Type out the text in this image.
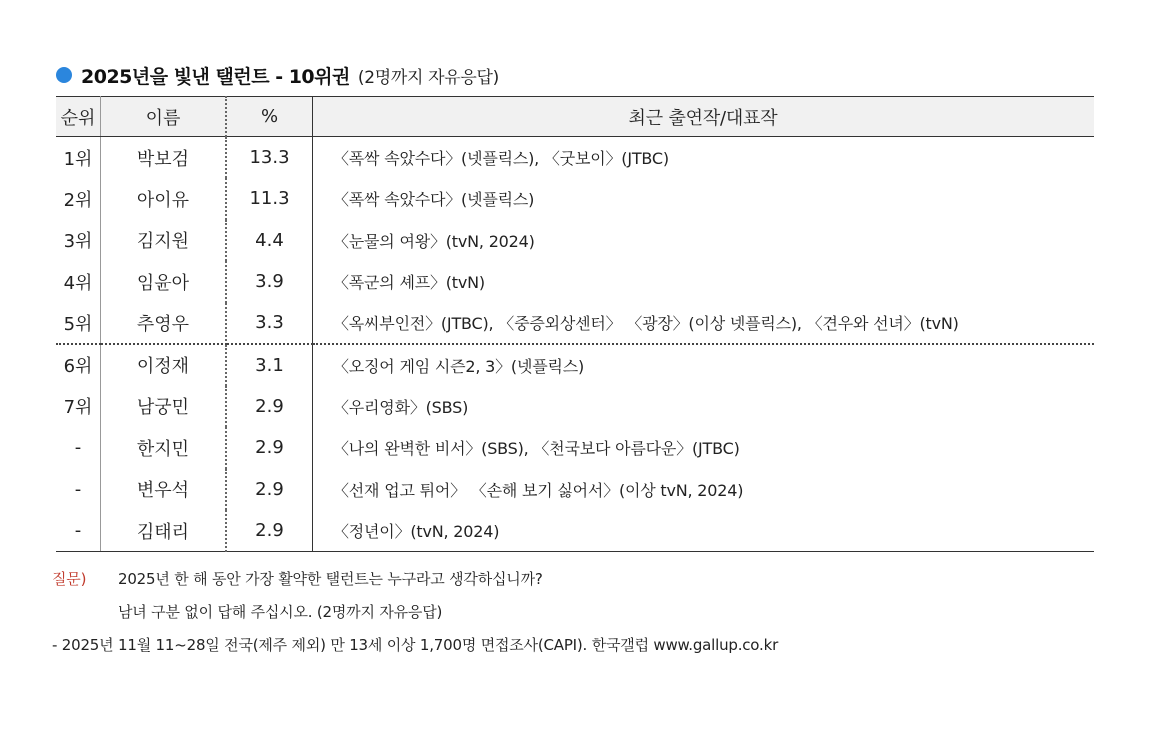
2025년을 빛낸 탤런트 - 10위권 (2명까지 자유응답)
순위	이름	%	최근 출연작/대표작
1위	박보검	13.3	〈폭싹 속았수다〉(넷플릭스), 〈굿보이〉(JTBC)
2위	아이유	11.3	〈폭싹 속았수다〉(넷플릭스)
3위	김지원	4.4	〈눈물의 여왕〉(tvN, 2024)
4위	임윤아	3.9	〈폭군의 셰프〉(tvN)
5위	추영우	3.3	〈옥씨부인전〉(JTBC), 〈중증외상센터〉 〈광장〉(이상 넷플릭스), 〈견우와 선녀〉(tvN)
6위	이정재	3.1	〈오징어 게임 시즌2, 3〉(넷플릭스)
7위	남궁민	2.9	〈우리영화〉(SBS)
-	한지민	2.9	〈나의 완벽한 비서〉(SBS), 〈천국보다 아름다운〉(JTBC)
-	변우석	2.9	〈선재 업고 튀어〉 〈손해 보기 싫어서〉(이상 tvN, 2024)
-	김태리	2.9	〈정년이〉(tvN, 2024)
질문)	2025년 한 해 동안 가장 활약한 탤런트는 누구라고 생각하십니까?
남녀 구분 없이 답해 주십시오. (2명까지 자유응답)
- 2025년 11월 11~28일 전국(제주 제외) 만 13세 이상 1,700명 면접조사(CAPI). 한국갤럽 www.gallup.co.kr
